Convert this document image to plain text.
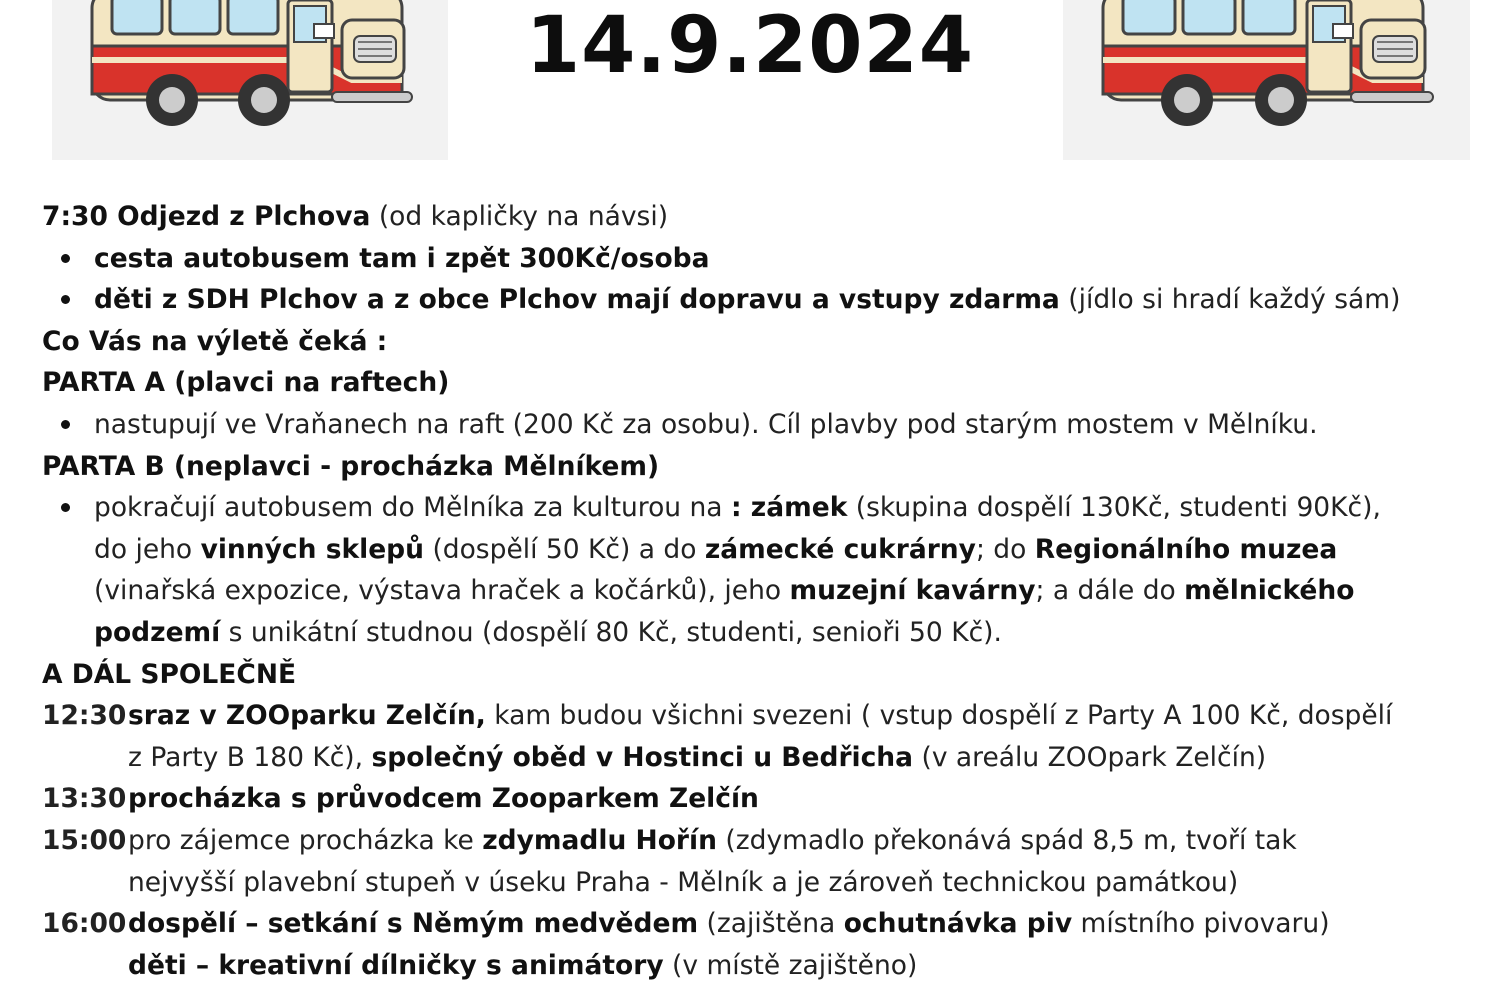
14.9.2024
7:30 Odjezd z Plchova (od kapličky na návsi)
cesta autobusem tam i zpět 300Kč/osoba
děti z SDH Plchov a z obce Plchov mají dopravu a vstupy zdarma (jídlo si hradí každý sám)
Co Vás na výletě čeká :
PARTA A (plavci na raftech)
nastupují ve Vraňanech na raft (200 Kč za osobu). Cíl plavby pod starým mostem v Mělníku.
PARTA B (neplavci - procházka Mělníkem)
pokračují autobusem do Mělníka za kulturou na : zámek (skupina dospělí 130Kč, studenti 90Kč),
do jeho vinných sklepů (dospělí 50 Kč) a do zámecké cukrárny; do Regionálního muzea
(vinařská expozice, výstava hraček a kočárků), jeho muzejní kavárny; a dále do mělnického
podzemí s unikátní studnou (dospělí 80 Kč, studenti, senioři 50 Kč).
A DÁL SPOLEČNĚ
12:30 sraz v ZOOparku Zelčín, kam budou všichni svezeni ( vstup dospělí z Party A 100 Kč, dospělí
z Party B 180 Kč), společný oběd v Hostinci u Bedřicha (v areálu ZOOpark Zelčín)
13:30 procházka s průvodcem Zooparkem Zelčín
15:00 pro zájemce procházka ke zdymadlu Hořín (zdymadlo překonává spád 8,5 m, tvoří tak
nejvyšší plavební stupeň v úseku Praha - Mělník a je zároveň technickou památkou)
16:00 dospělí – setkání s Němým medvědem (zajištěna ochutnávka piv místního pivovaru)
děti – kreativní dílničky s animátory (v místě zajištěno)
